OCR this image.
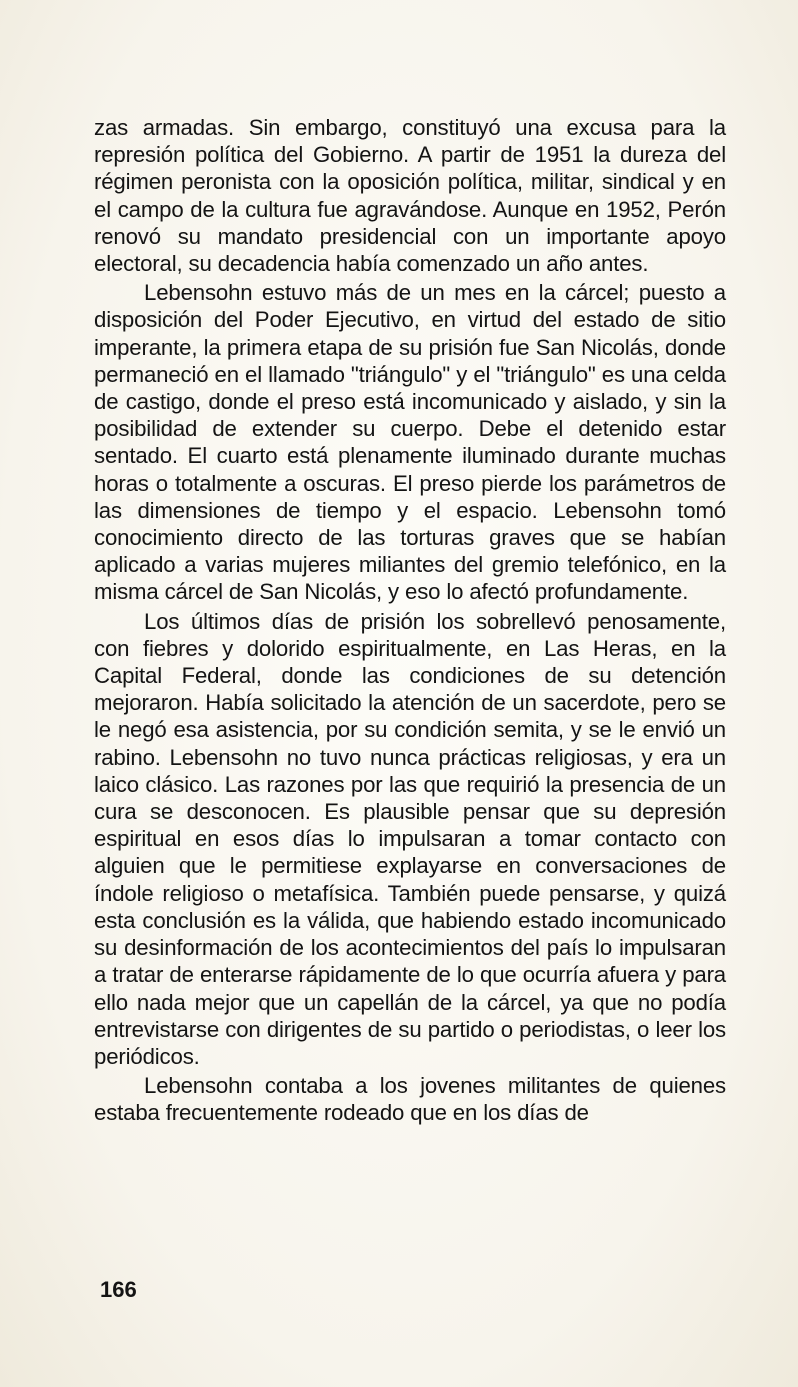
zas armadas. Sin embargo, constituyó una excusa para la represión política del Gobierno. A partir de 1951 la dureza del régimen peronista con la oposición política, militar, sindical y en el campo de la cultura fue agravándose. Aunque en 1952, Perón renovó su mandato presidencial con un importante apoyo electoral, su decadencia había comenzado un año antes.

Lebensohn estuvo más de un mes en la cárcel; puesto a disposición del Poder Ejecutivo, en virtud del estado de sitio imperante, la primera etapa de su prisión fue San Nicolás, donde permaneció en el llamado "triángulo" y el "triángulo" es una celda de castigo, donde el preso está incomunicado y aislado, y sin la posibilidad de extender su cuerpo. Debe el detenido estar sentado. El cuarto está plenamente iluminado durante muchas horas o totalmente a oscuras. El preso pierde los parámetros de las dimensiones de tiempo y el espacio. Lebensohn tomó conocimiento directo de las torturas graves que se habían aplicado a varias mujeres miliantes del gremio telefónico, en la misma cárcel de San Nicolás, y eso lo afectó profundamente.

Los últimos días de prisión los sobrellevó penosamente, con fiebres y dolorido espiritualmente, en Las Heras, en la Capital Federal, donde las condiciones de su detención mejoraron. Había solicitado la atención de un sacerdote, pero se le negó esa asistencia, por su condición semita, y se le envió un rabino. Lebensohn no tuvo nunca prácticas religiosas, y era un laico clásico. Las razones por las que requirió la presencia de un cura se desconocen. Es plausible pensar que su depresión espiritual en esos días lo impulsaran a tomar contacto con alguien que le permitiese explayarse en conversaciones de índole religioso o metafísica. También puede pensarse, y quizá esta conclusión es la válida, que habiendo estado incomunicado su desinformación de los acontecimientos del país lo impulsaran a tratar de enterarse rápidamente de lo que ocurría afuera y para ello nada mejor que un capellán de la cárcel, ya que no podía entrevistarse con dirigentes de su partido o periodistas, o leer los periódicos.

Lebensohn contaba a los jovenes militantes de quienes estaba frecuentemente rodeado que en los días de

166
